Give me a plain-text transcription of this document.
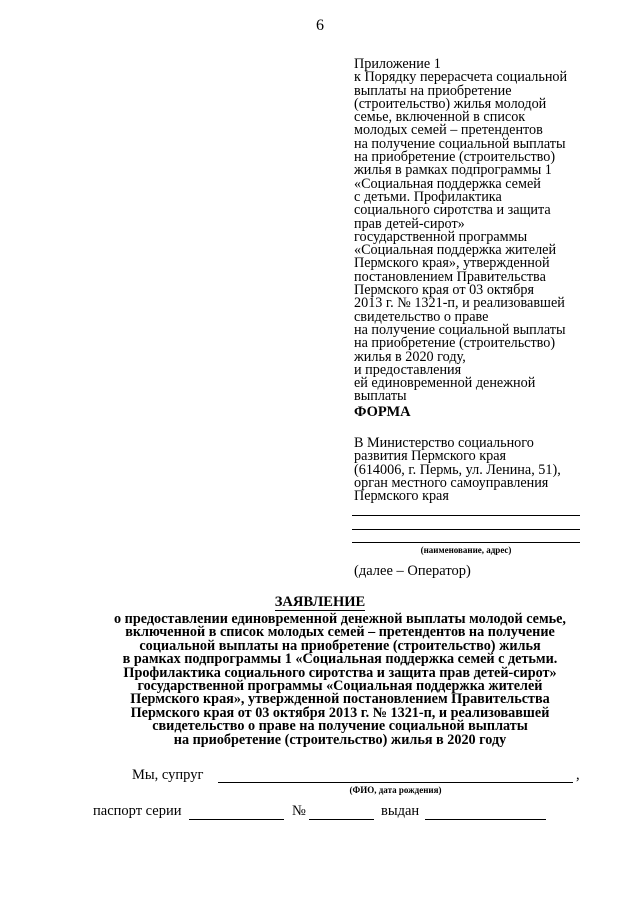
6
Приложение 1
к Порядку перерасчета социальной
выплаты на приобретение
(строительство) жилья молодой
семье, включенной в список
молодых семей – претендентов
на получение социальной выплаты
на приобретение (строительство)
жилья в рамках подпрограммы 1
«Социальная поддержка семей
с детьми. Профилактика
социального сиротства и защита
прав детей-сирот»
государственной программы
«Социальная поддержка жителей
Пермского края», утвержденной
постановлением Правительства
Пермского края от 03 октября
2013 г. № 1321-п, и реализовавшей
свидетельство о праве
на получение социальной выплаты
на приобретение (строительство)
жилья в 2020 году,
и предоставления
ей единовременной денежной
выплаты
ФОРМА
В Министерство социального
развития Пермского края
(614006, г. Пермь, ул. Ленина, 51),
орган местного самоуправления
Пермского края
(наименование, адрес)
(далее – Оператор)
ЗАЯВЛЕНИЕ
о предоставлении единовременной денежной выплаты молодой семье,
включенной в список молодых семей – претендентов на получение
социальной выплаты на приобретение (строительство) жилья
в рамках подпрограммы 1 «Социальная поддержка семей с детьми.
Профилактика социального сиротства и защита прав детей-сирот»
государственной программы «Социальная поддержка жителей
Пермского края», утвержденной постановлением Правительства
Пермского края от 03 октября 2013 г. № 1321-п, и реализовавшей
свидетельство о праве на получение социальной выплаты
на приобретение (строительство) жилья в 2020 году
Мы, супруг	,
(ФИО, дата рождения)
паспорт серии	№	выдан
